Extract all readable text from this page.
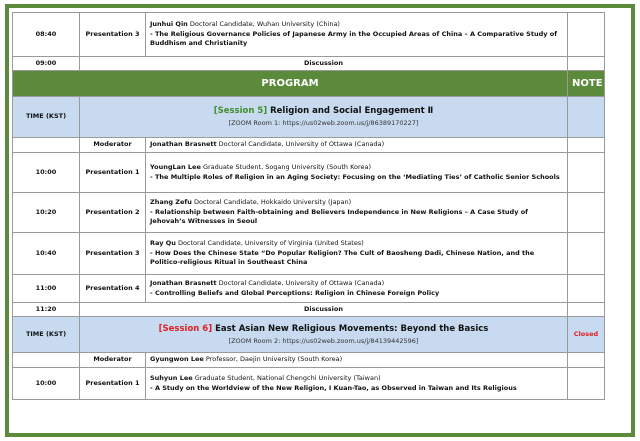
08:40	Presentation 3	Junhui Qin Doctoral Candidate, Wuhan University (China)
- The Religious Governance Policies of Japanese Army in the Occupied Areas of China – A Comparative Study of Buddhism and Christianity	

09:00	Discussion		
PROGRAM			NOTE
TIME (KST)	[Session 5] Religion and Social Engagement Ⅱ
[ZOOM Room 1: https://us02web.zoom.us/j/86389170227]		

	Moderator	Jonathan Brasnett Doctoral Candidate, University of Ottawa (Canada)	
10:00	Presentation 1	YoungLan Lee Graduate Student, Sogang University (South Korea)
- The Multiple Roles of Religion in an Aging Society: Focusing on the ‘Mediating Ties’ of Catholic Senior Schools	

10:20	Presentation 2	Zhang Zefu Doctoral Candidate, Hokkaido University (Japan)
- Relationship between Faith-obtaining and Believers Independence in New Religions – A Case Study of Jehovah’s Witnesses in Seoul	

10:40	Presentation 3	Ray Qu Doctoral Candidate, University of Virginia (United States)
- How Does the Chinese State “Do Popular Religion? The Cult of Baosheng Dadi, Chinese Nation, and the Politico-religious Ritual in Southeast China	

11:00	Presentation 4	Jonathan Brasnett Doctoral Candidate, University of Ottawa (Canada)
- Controlling Beliefs and Global Perceptions: Religion in Chinese Foreign Policy	

11:20	Discussion		
TIME (KST)	[Session 6] East Asian New Religious Movements: Beyond the Basics
[ZOOM Room 2: https://us02web.zoom.us/j/84139442596]		Closed
	Moderator	Gyungwon Lee Professor, Daejin University (South Korea)	
10:00	Presentation 1	Suhyun Lee Graduate Student, National Chengchi University (Taiwan)
- A Study on the Worldview of the New Religion, I Kuan-Tao, as Observed in Taiwan and Its Religious	
